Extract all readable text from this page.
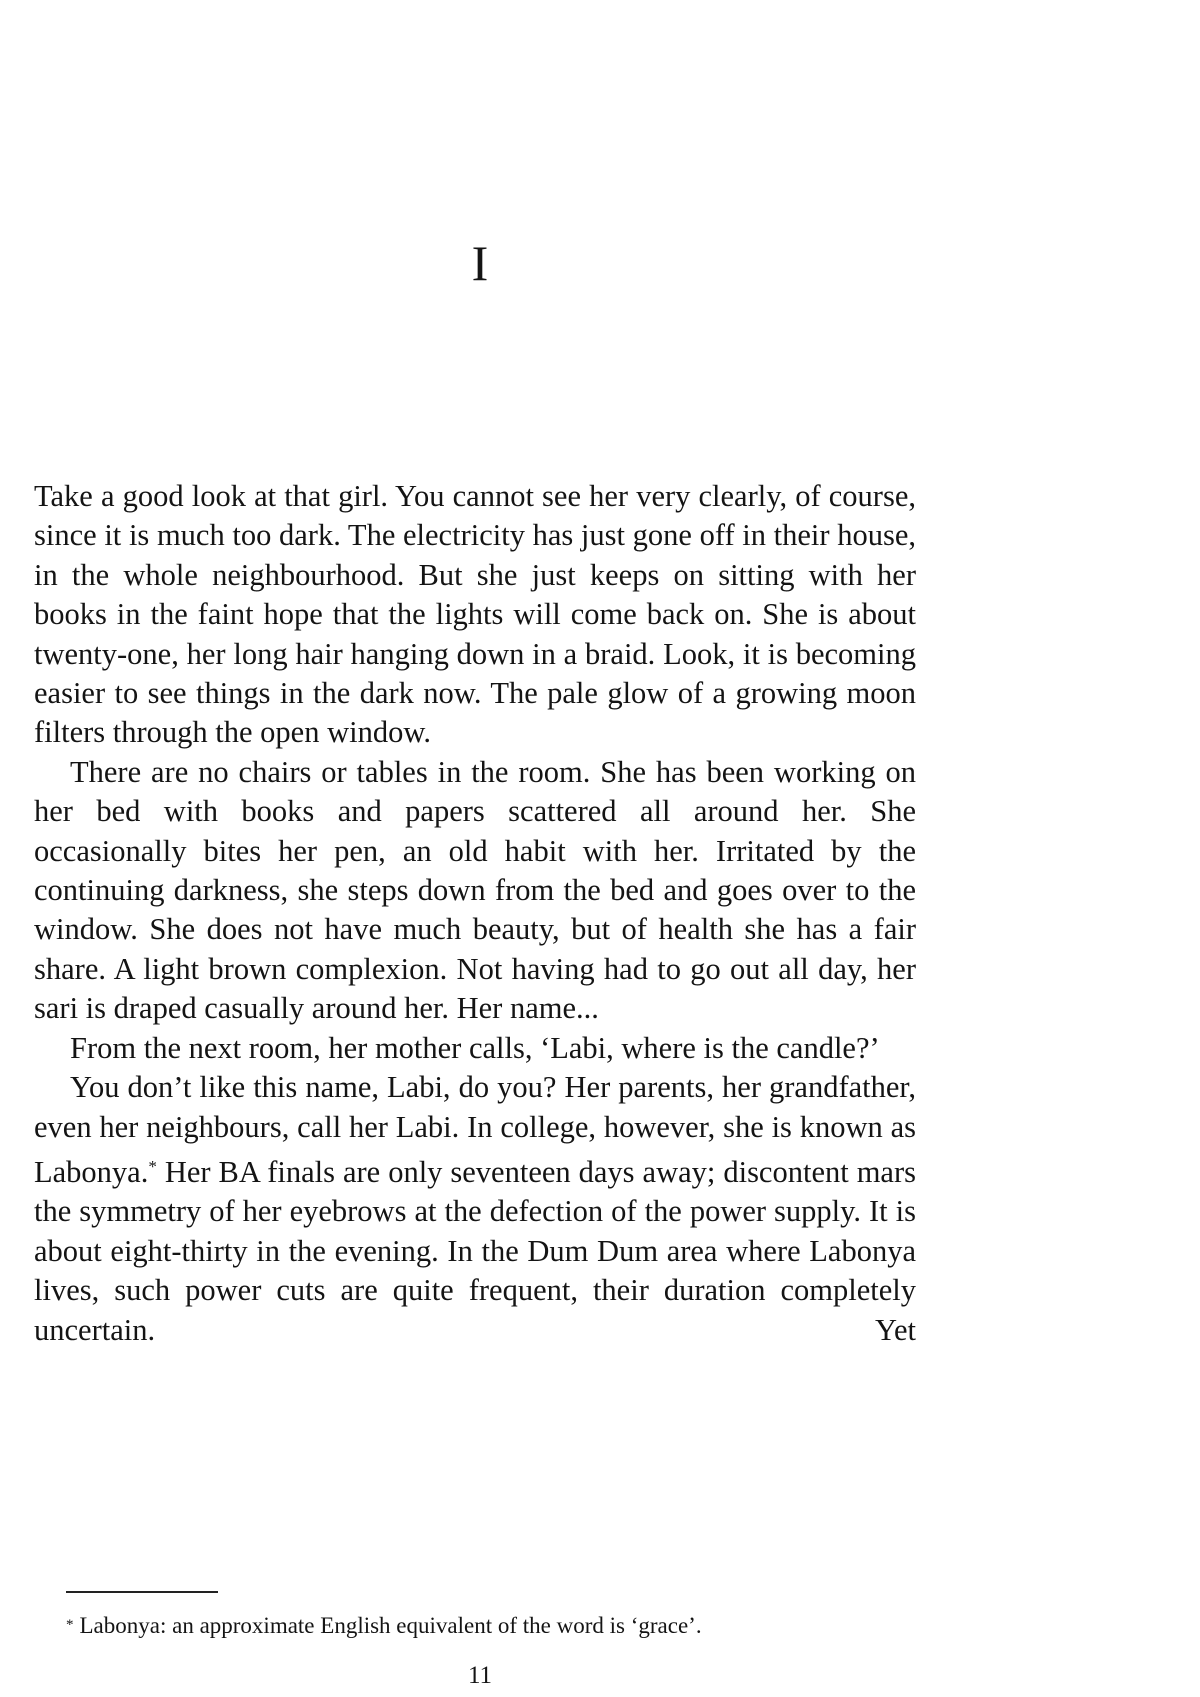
I

Take a good look at that girl. You cannot see her very clearly, of course, since it is much too dark. The electricity has just gone off in their house, in the whole neighbourhood. But she just keeps on sitting with her books in the faint hope that the lights will come back on. She is about twenty-one, her long hair hanging down in a braid. Look, it is becoming easier to see things in the dark now. The pale glow of a growing moon filters through the open window.

There are no chairs or tables in the room. She has been working on her bed with books and papers scattered all around her. She occasionally bites her pen, an old habit with her. Irritated by the continuing darkness, she steps down from the bed and goes over to the window. She does not have much beauty, but of health she has a fair share. A light brown complexion. Not having had to go out all day, her sari is draped casually around her. Her name...

From the next room, her mother calls, ‘Labi, where is the candle?’

You don’t like this name, Labi, do you? Her parents, her grandfather, even her neighbours, call her Labi. In college, however, she is known as Labonya.* Her BA finals are only seventeen days away; discontent mars the symmetry of her eyebrows at the defection of the power supply. It is about eight-thirty in the evening. In the Dum Dum area where Labonya lives, such power cuts are quite frequent, their duration completely uncertain. Yet

* Labonya: an approximate English equivalent of the word is ‘grace’.

11
